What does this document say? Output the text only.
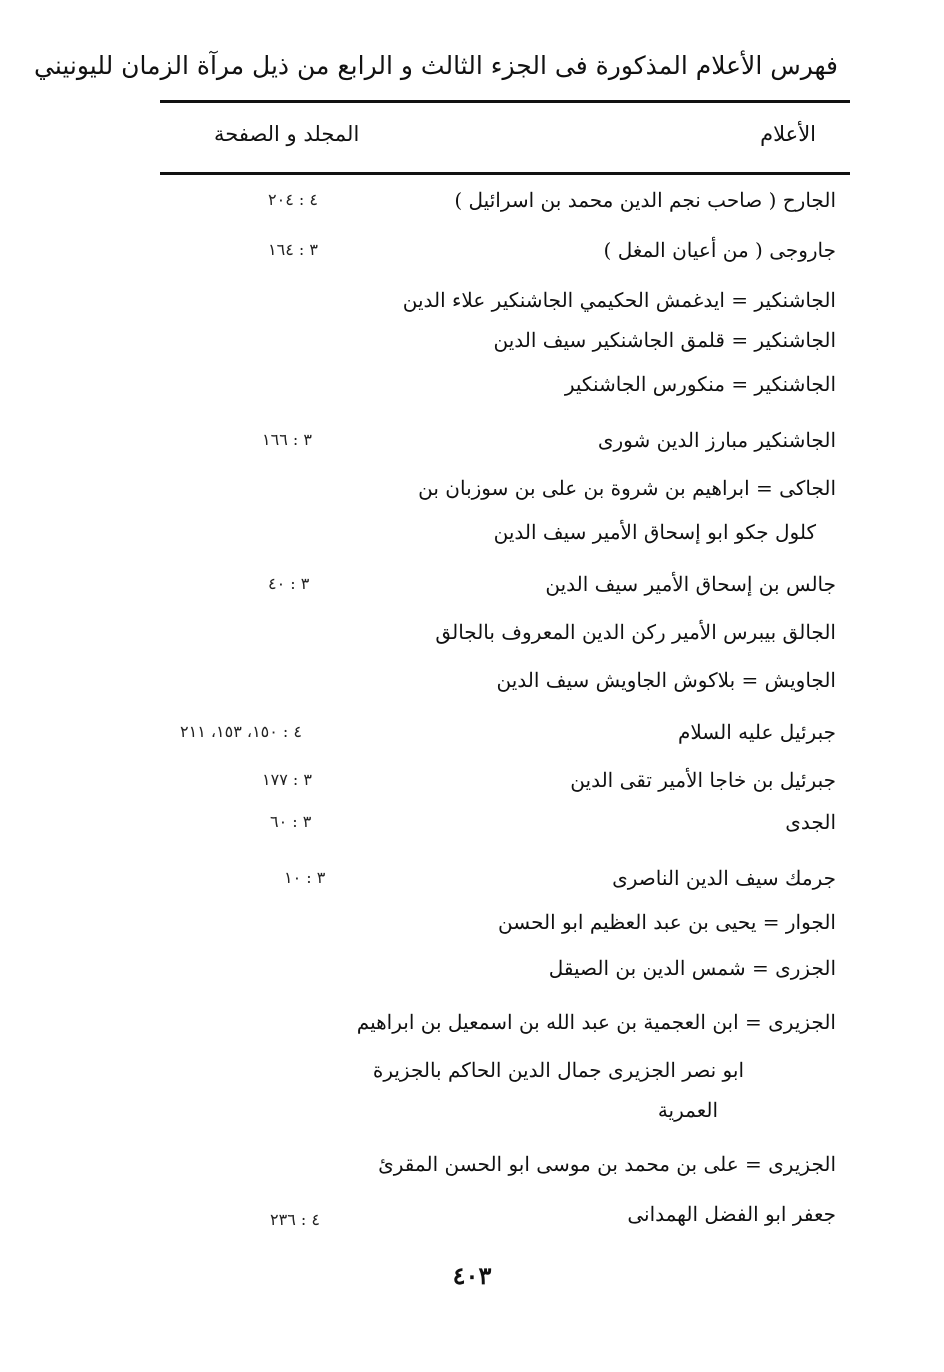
فهرس الأعلام المذكورة فى الجزء الثالث و الرابع من ذيل مرآة الزمان لليونيني
الأعلام
المجلد و الصفحة
الجارح ( صاحب نجم الدين محمد بن اسرائيل )
٤ : ٢٠٤
جاروجى ( من أعيان المغل )
٣ : ١٦٤
الجاشنكير = ايدغمش الحكيمي الجاشنكير علاء الدين
الجاشنكير = قلمق الجاشنكير سيف الدين
الجاشنكير = منكورس الجاشنكير
الجاشنكير مبارز الدين شورى
٣ : ١٦٦
الجاكى = ابراهيم بن شروة بن على بن سوزبان بن
كلول جكو ابو إسحاق الأمير سيف الدين
جالس بن إسحاق الأمير سيف الدين
٣ : ٤٠
الجالق بيبرس الأمير ركن الدين المعروف بالجالق
الجاويش = بلاكوش الجاويش سيف الدين
جبرئيل عليه السلام
٤ : ١٥٠، ١٥٣، ٢١١
جبرئيل بن خاجا الأمير تقى الدين
٣ : ١٧٧
الجدى
٣ : ٦٠
جرمك سيف الدين الناصرى
٣ : ١٠
الجوار = يحيى بن عبد العظيم ابو الحسن
الجزرى = شمس الدين بن الصيقل
الجزيرى = ابن العجمية بن عبد الله بن اسمعيل بن ابراهيم
ابو نصر الجزيرى جمال الدين الحاكم بالجزيرة
العمرية
الجزيرى = على بن محمد بن موسى ابو الحسن المقرئ
جعفر ابو الفضل الهمدانى
٤ : ٢٣٦
٤٠٣
